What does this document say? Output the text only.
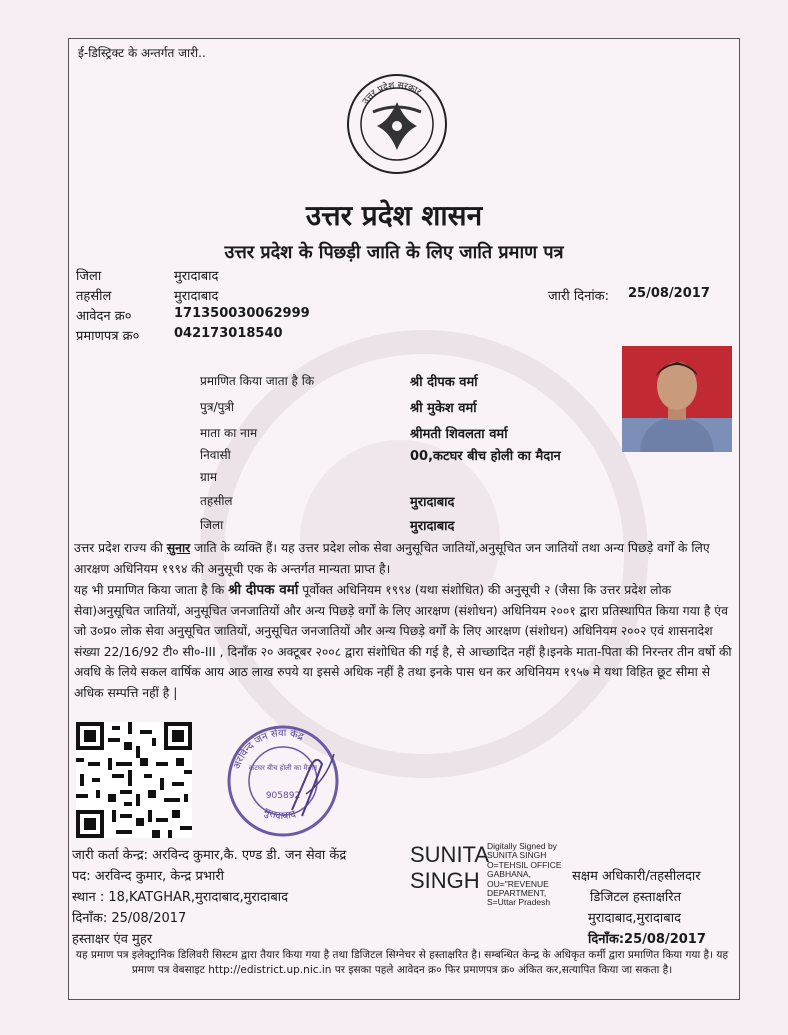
ई-डिस्ट्रिक्ट के अन्तर्गत जारी..
उत्तर प्रदेश सरकार
उत्तर प्रदेश शासन
उत्तर प्रदेश के पिछड़ी जाति के लिए जाति प्रमाण पत्र
जिला	मुरादाबाद
तहसील	मुरादाबाद
आवेदन क्र०	171350030062999
प्रमाणपत्र क्र०	042173018540
जारी दिनांक: 25/08/2017
प्रमाणित किया जाता है कि	श्री दीपक वर्मा
पुत्र/पुत्री	श्री मुकेश वर्मा
माता का नाम	श्रीमती शिवलता वर्मा
निवासी	00,कटघर बीच होली का मैदान
ग्राम
तहसील	मुरादाबाद
जिला	मुरादाबाद

उत्तर प्रदेश राज्य की सुनार जाति के व्यक्ति हैं। यह उत्तर प्रदेश लोक सेवा अनुसूचित जातियों,अनुसूचित जन जातियों तथा अन्य पिछड़े वर्गों के लिए आरक्षण अधिनियम १९९४ की अनुसूची एक के अन्तर्गत मान्यता प्राप्त है।

यह भी प्रमाणित किया जाता है कि श्री दीपक वर्मा पूर्वोक्त अधिनियम १९९४ (यथा संशोधित) की अनुसूची २ (जैसा कि उत्तर प्रदेश लोक सेवा)अनुसूचित जातियों, अनुसूचित जनजातियों और अन्य पिछड़े वर्गों के लिए आरक्षण (संशोधन) अधिनियम २००१ द्वारा प्रतिस्थापित किया गया है एंव जो उ०प्र० लोक सेवा अनुसूचित जातियों, अनुसूचित जनजातियों और अन्य पिछड़े वर्गों के लिए आरक्षण (संशोधन) अधिनियम २००२ एवं शासनादेश संख्या 22/16/92 टी० सी०-III , दिनाँक २० अक्टूबर २००८ द्वारा संशोधित की गई है, से आच्छादित नहीं है।इनके माता-पिता की निरन्तर तीन वर्षो की अवधि के लिये सकल वार्षिक आय आठ लाख रुपये या इससे अधिक नहीं है तथा इनके पास धन कर अधिनियम १९५७ मे यथा विहित छूट सीमा से अधिक सम्पत्ति नहीं है |

अरविन्द जन सेवा केंद्र
मुरादाबाद
कटघर बीच होली का मैदान
905892
जारी कर्ता केन्द्र: अरविन्द कुमार,कै. एण्ड डी. जन सेवा केंद्र
पद: अरविन्द कुमार, केन्द्र प्रभारी
स्थान : 18,KATGHAR,मुरादाबाद,मुरादाबाद
दिनाँक: 25/08/2017
हस्ताक्षर एंव मुहर
SUNITA
SINGH
Digitally Signed by
SUNITA SINGH
O=TEHSIL OFFICE
GABHANA,
OU="REVENUE
DEPARTMENT,
S=Uttar Pradesh
सक्षम अधिकारी/तहसीलदार
डिजिटल हस्ताक्षरित
मुरादाबाद,मुरादाबाद
दिनाँक:25/08/2017
यह प्रमाण पत्र इलेक्ट्रानिक डिलिवरी सिस्टम द्वारा तैयार किया गया है तथा डिजिटल सिग्नेचर से हस्ताक्षरित है। सम्बन्धित केन्द्र के अधिकृत कर्मी द्वारा प्रमाणित किया गया है। यह प्रमाण पत्र वेबसाइट http://edistrict.up.nic.in पर इसका पहले आवेदन क्र० फिर प्रमाणपत्र क्र० अंकित कर,सत्यापित किया जा सकता है।
